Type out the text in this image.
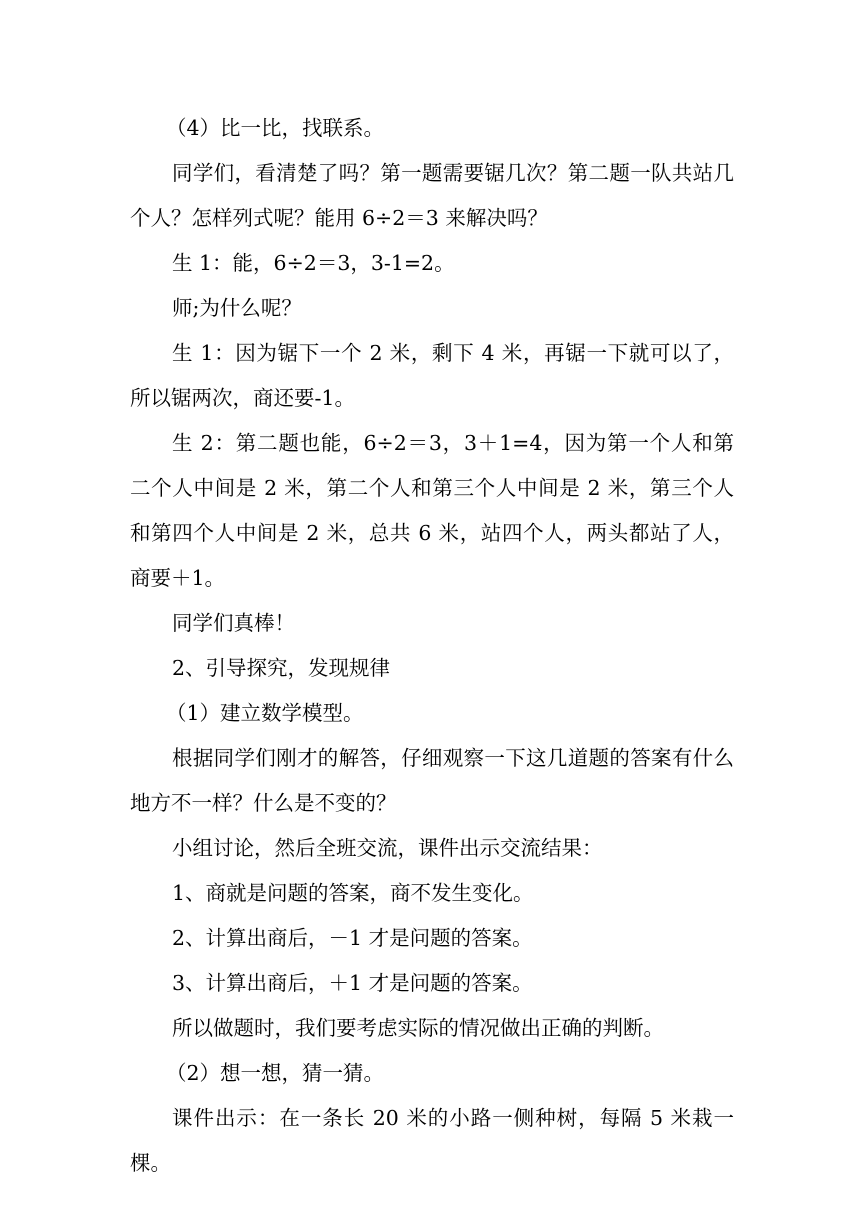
（4）比一比，找联系。

同学们，看清楚了吗？第一题需要锯几次？第二题一队共站几个人？怎样列式呢？能用 6÷2＝3 来解决吗？

生 1：能，6÷2＝3，3-1=2。

师;为什么呢？

生 1：因为锯下一个 2 米，剩下 4 米，再锯一下就可以了，所以锯两次，商还要-1。

生 2：第二题也能，6÷2＝3，3＋1=4，因为第一个人和第二个人中间是 2 米，第二个人和第三个人中间是 2 米，第三个人和第四个人中间是 2 米，总共 6 米，站四个人，两头都站了人，商要＋1。

同学们真棒！

2、引导探究，发现规律

（1）建立数学模型。

根据同学们刚才的解答，仔细观察一下这几道题的答案有什么地方不一样？什么是不变的？

小组讨论，然后全班交流，课件出示交流结果：

1、商就是问题的答案，商不发生变化。

2、计算出商后，－1 才是问题的答案。

3、计算出商后，＋1 才是问题的答案。

所以做题时，我们要考虑实际的情况做出正确的判断。

（2）想一想，猜一猜。

课件出示：在一条长 20 米的小路一侧种树，每隔 5 米栽一棵。
